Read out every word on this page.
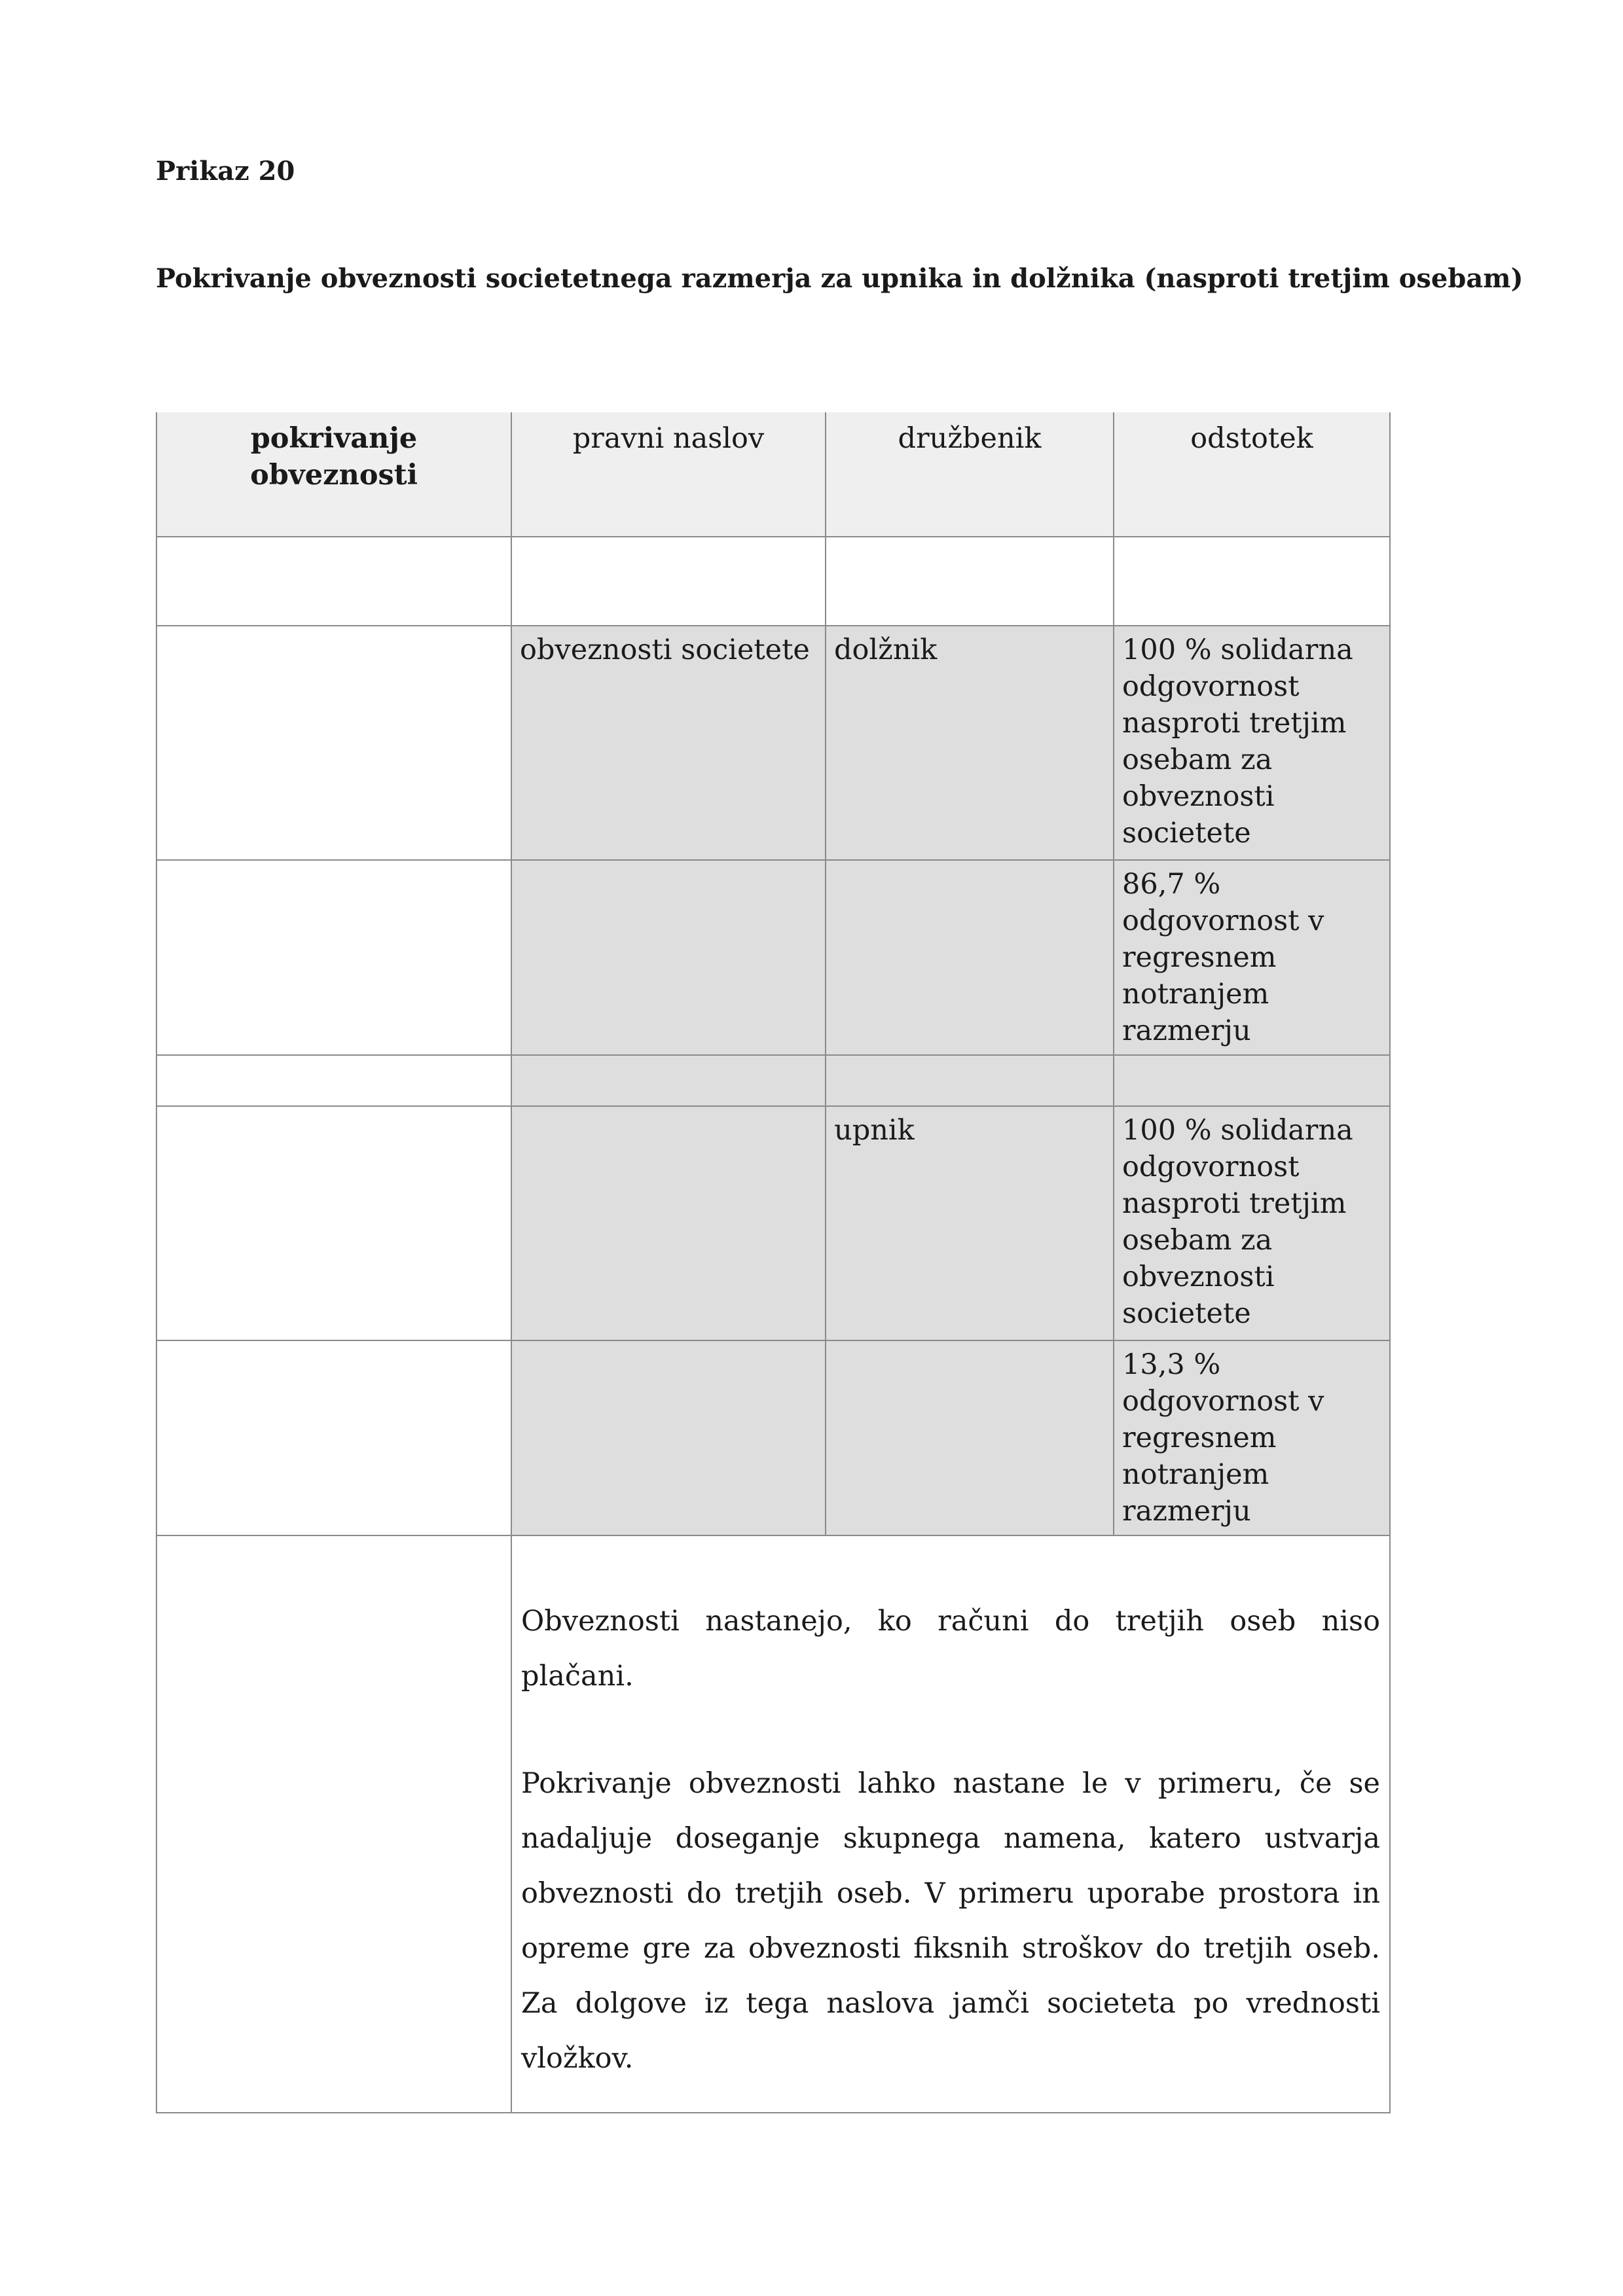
Prikaz 20

Pokrivanje obveznosti societetnega razmerja za upnika in dolžnika (nasproti tretjim osebam)

pokrivanje obveznosti	pravni naslov	družbenik	odstotek

	obveznosti societete	dolžnik	100 % solidarna odgovornost nasproti tretjim osebam za obveznosti societete
			86,7 % odgovornost v regresnem notranjem razmerju

		upnik	100 % solidarna odgovornost nasproti tretjim osebam za obveznosti societete
			13,3 % odgovornost v regresnem notranjem razmerju

	Obveznosti nastanejo, ko računi do tretjih oseb niso plačani.

Pokrivanje obveznosti lahko nastane le v primeru, če se nadaljuje doseganje skupnega namena, katero ustvarja obveznosti do tretjih oseb. V primeru uporabe prostora in opreme gre za obveznosti fiksnih stroškov do tretjih oseb. Za dolgove iz tega naslova jamči societeta po vrednosti vložkov.		
